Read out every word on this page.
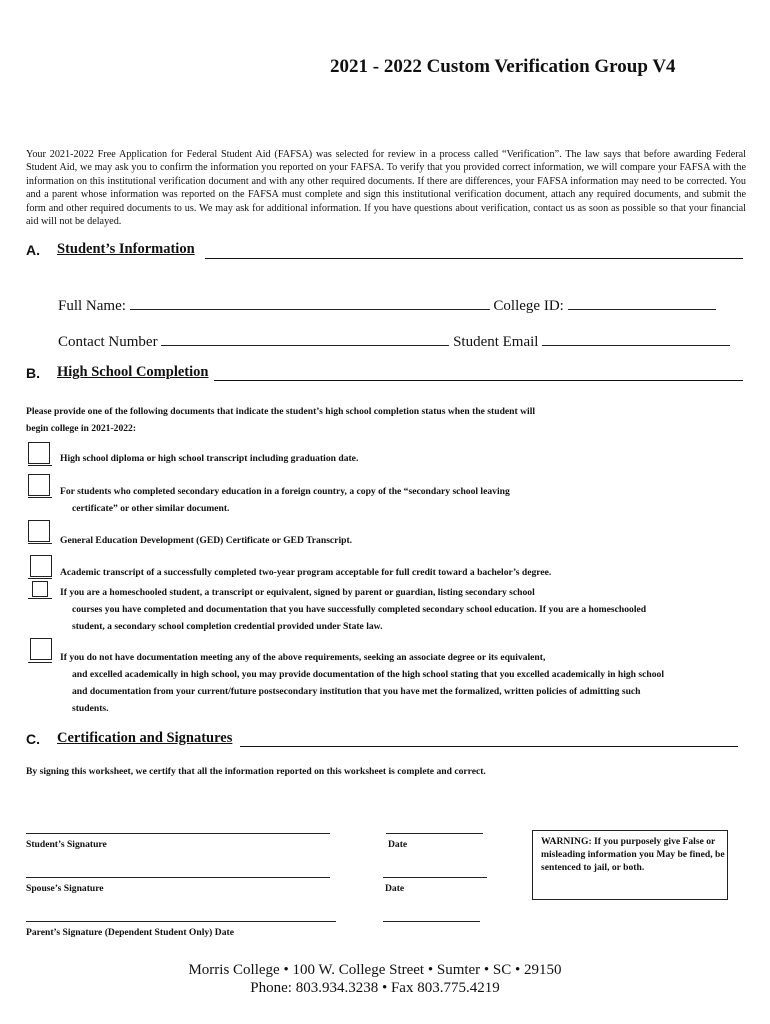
2021 - 2022 Custom Verification Group V4
Your 2021-2022 Free Application for Federal Student Aid (FAFSA) was selected for review in a process called “Verification”. The law says that before awarding Federal Student Aid, we may ask you to confirm the information you reported on your FAFSA. To verify that you provided correct information, we will compare your FAFSA with the information on this institutional verification document and with any other required documents. If there are differences, your FAFSA information may need to be corrected. You and a parent whose information was reported on the FAFSA must complete and sign this institutional verification document, attach any required documents, and submit the form and other required documents to us. We may ask for additional information. If you have questions about verification, contact us as soon as possible so that your financial aid will not be delayed.
A. Student’s Information
Full Name:	College ID:
Contact Number	Student Email
B. High School Completion
Please provide one of the following documents that indicate the student’s high school completion status when the student will
begin college in 2021-2022:
High school diploma or high school transcript including graduation date.
For students who completed secondary education in a foreign country, a copy of the “secondary school leaving
certificate” or other similar document.
General Education Development (GED) Certificate or GED Transcript.
Academic transcript of a successfully completed two-year program acceptable for full credit toward a bachelor’s degree.
If you are a homeschooled student, a transcript or equivalent, signed by parent or guardian, listing secondary school
courses you have completed and documentation that you have successfully completed secondary school education. If you are a homeschooled
student, a secondary school completion credential provided under State law.
If you do not have documentation meeting any of the above requirements, seeking an associate degree or its equivalent,
and excelled academically in high school, you may provide documentation of the high school stating that you excelled academically in high school
and documentation from your current/future postsecondary institution that you have met the formalized, written policies of admitting such
students.
C. Certification and Signatures
By signing this worksheet, we certify that all the information reported on this worksheet is complete and correct.
Student’s Signature	Date
Spouse’s Signature	Date
Parent’s Signature (Dependent Student Only) Date
WARNING: If you purposely give False or misleading information you May be fined, be sentenced to jail, or both.
Morris College • 100 W. College Street • Sumter • SC • 29150
Phone: 803.934.3238 • Fax 803.775.4219
